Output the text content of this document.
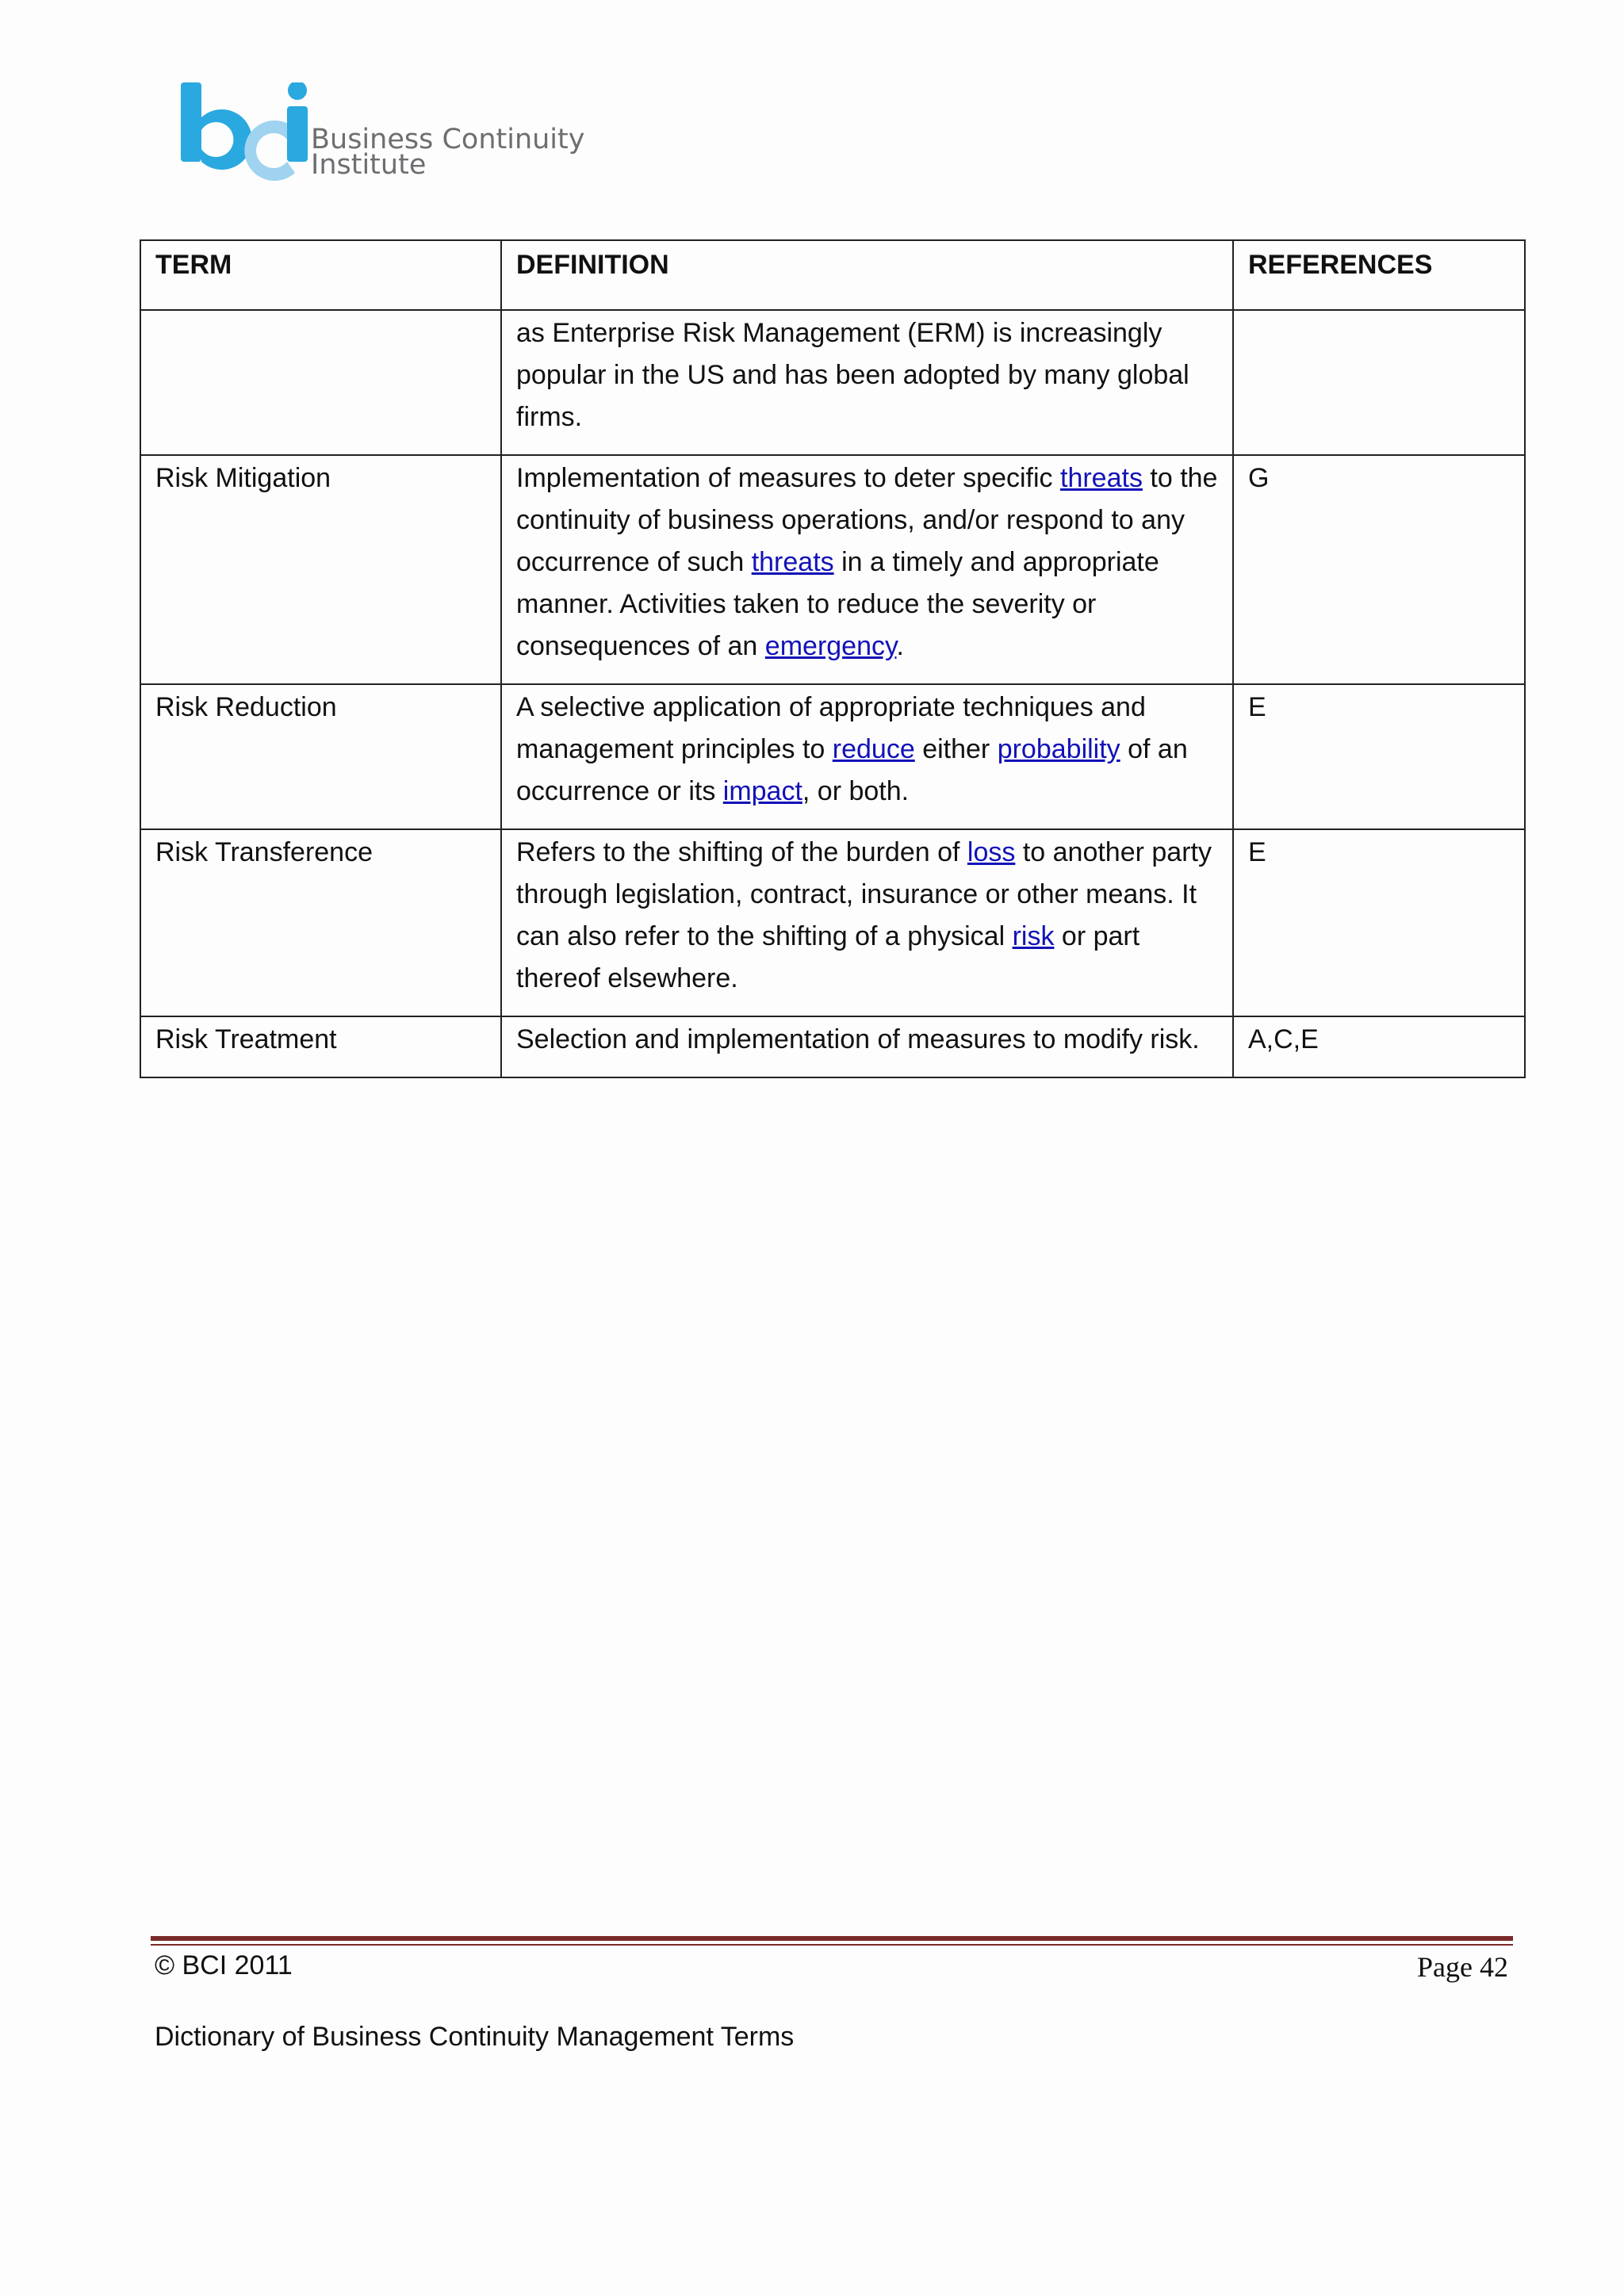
Business Continuity
Institute
TERM	DEFINITION	REFERENCES
	as Enterprise Risk Management (ERM) is increasingly popular in the US and has been adopted by many global firms.	
Risk Mitigation	Implementation of measures to deter specific threats to the continuity of business operations, and/or respond to any occurrence of such threats in a timely and appropriate manner. Activities taken to reduce the severity or consequences of an emergency.	G
Risk Reduction	A selective application of appropriate techniques and management principles to reduce either probability of an occurrence or its impact, or both.	E
Risk Transference	Refers to the shifting of the burden of loss to another party through legislation, contract, insurance or other means. It can also refer to the shifting of a physical risk or part thereof elsewhere.	E
Risk Treatment	Selection and implementation of measures to modify risk.	A,C,E
© BCI 2011	Page 42
Dictionary of Business Continuity Management Terms
